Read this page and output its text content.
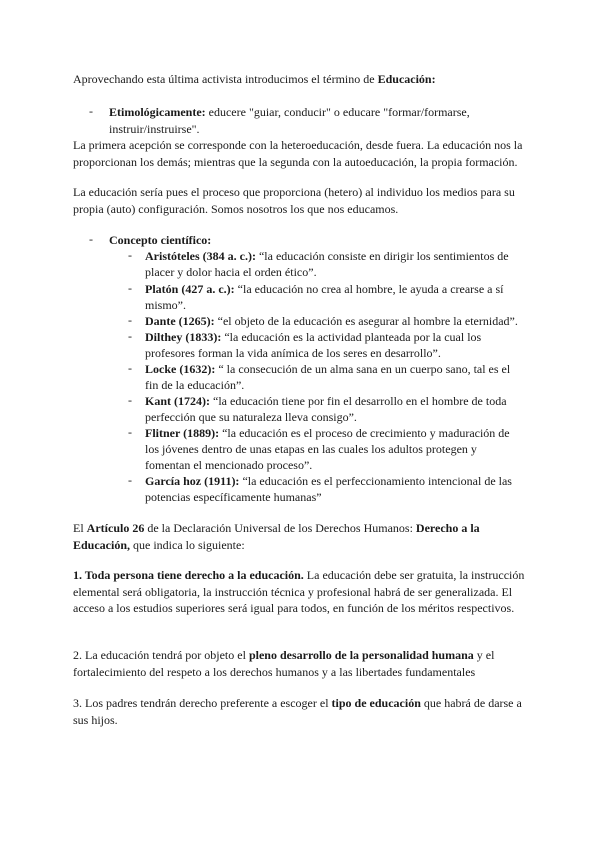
Aprovechando esta última activista introducimos el término de Educación:

- Etimológicamente: educere "guiar, conducir" o educare "formar/formarse, instruir/instruirse".

La primera acepción se corresponde con la heteroeducación, desde fuera. La educación nos la proporcionan los demás; mientras que la segunda con la autoeducación, la propia formación.

La educación sería pues el proceso que proporciona (hetero) al individuo los medios para su propia (auto) configuración. Somos nosotros los que nos educamos.

- Concepto científico:

- Aristóteles (384 a. c.): “la educación consiste en dirigir los sentimientos de placer y dolor hacia el orden ético”.

- Platón (427 a. c.): “la educación no crea al hombre, le ayuda a crearse a sí mismo”.

- Dante (1265): “el objeto de la educación es asegurar al hombre la eternidad”.

- Dilthey (1833): “la educación es la actividad planteada por la cual los profesores forman la vida anímica de los seres en desarrollo”.

- Locke (1632): “ la consecución de un alma sana en un cuerpo sano, tal es el fin de la educación”.

- Kant (1724): “la educación tiene por fin el desarrollo en el hombre de toda perfección que su naturaleza lleva consigo”.

- Flitner (1889): “la educación es el proceso de crecimiento y maduración de los jóvenes dentro de unas etapas en las cuales los adultos protegen y fomentan el mencionado proceso”.

- García hoz (1911): “la educación es el perfeccionamiento intencional de las potencias específicamente humanas”

El Artículo 26 de la Declaración Universal de los Derechos Humanos: Derecho a la Educación, que indica lo siguiente:

1. Toda persona tiene derecho a la educación. La educación debe ser gratuita, la instrucción elemental será obligatoria, la instrucción técnica y profesional habrá de ser generalizada. El acceso a los estudios superiores será igual para todos, en función de los méritos respectivos.

2. La educación tendrá por objeto el pleno desarrollo de la personalidad humana y el fortalecimiento del respeto a los derechos humanos y a las libertades fundamentales

3. Los padres tendrán derecho preferente a escoger el tipo de educación que habrá de darse a sus hijos.
